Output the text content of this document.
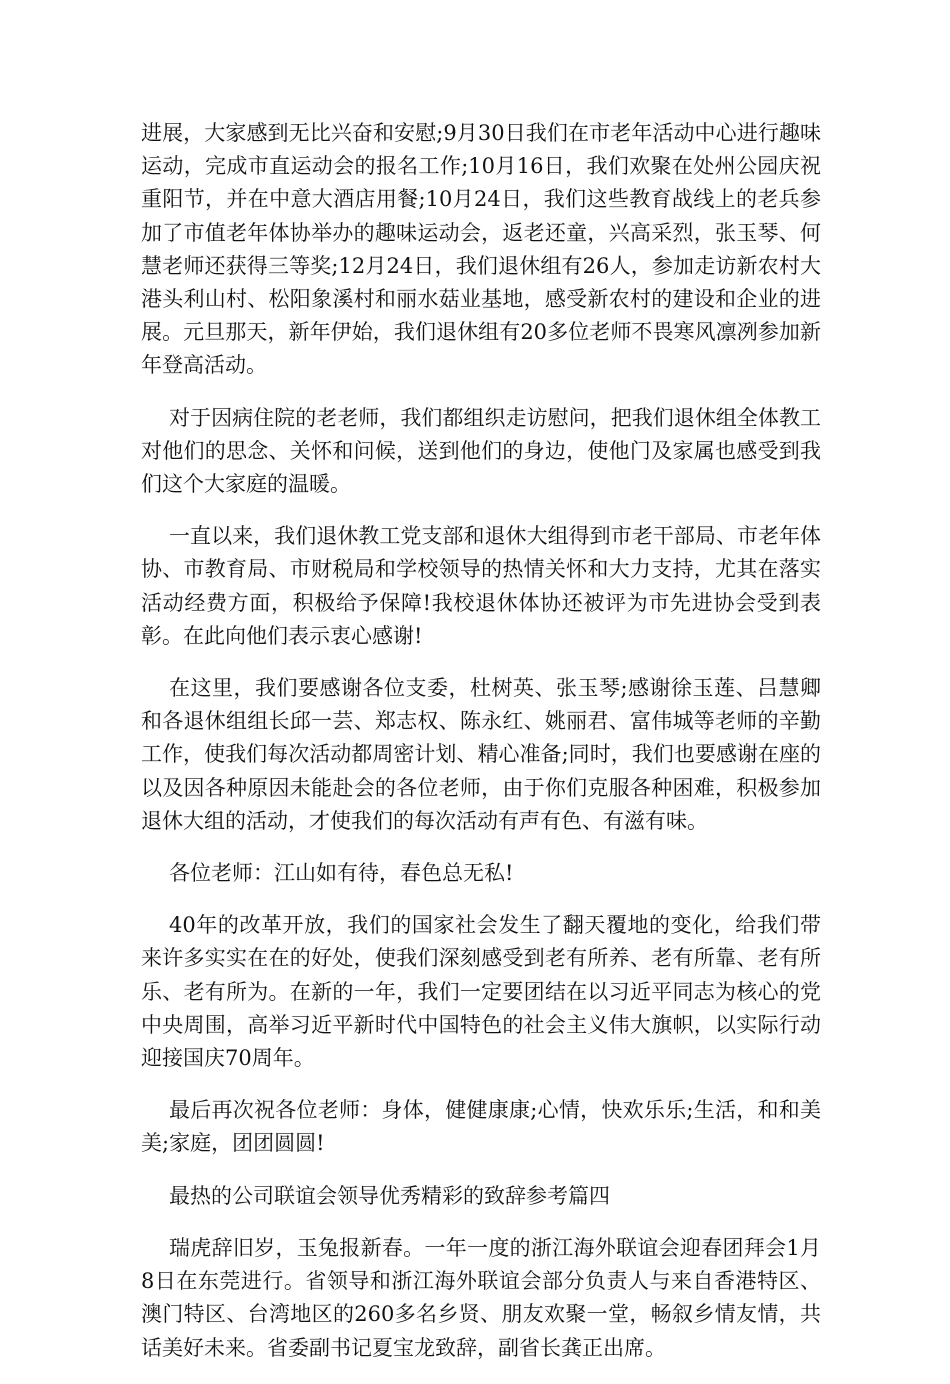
进展，大家感到无比兴奋和安慰;9月30日我们在市老年活动中心进行趣味运动，完成市直运动会的报名工作;10月16日，我们欢聚在处州公园庆祝重阳节，并在中意大酒店用餐;10月24日，我们这些教育战线上的老兵参加了市值老年体协举办的趣味运动会，返老还童，兴高采烈，张玉琴、何慧老师还获得三等奖;12月24日，我们退休组有26人，参加走访新农村大港头利山村、松阳象溪村和丽水菇业基地，感受新农村的建设和企业的进展。元旦那天，新年伊始，我们退休组有20多位老师不畏寒风凛冽参加新年登高活动。

对于因病住院的老老师，我们都组织走访慰问，把我们退休组全体教工对他们的思念、关怀和问候，送到他们的身边，使他门及家属也感受到我们这个大家庭的温暖。

一直以来，我们退休教工党支部和退休大组得到市老干部局、市老年体协、市教育局、市财税局和学校领导的热情关怀和大力支持，尤其在落实活动经费方面，积极给予保障!我校退休体协还被评为市先进协会受到表彰。在此向他们表示衷心感谢!

在这里，我们要感谢各位支委，杜树英、张玉琴;感谢徐玉莲、吕慧卿和各退休组组长邱一芸、郑志权、陈永红、姚丽君、富伟城等老师的辛勤工作，使我们每次活动都周密计划、精心准备;同时，我们也要感谢在座的以及因各种原因未能赴会的各位老师，由于你们克服各种困难，积极参加退休大组的活动，才使我们的每次活动有声有色、有滋有味。

各位老师：江山如有待，春色总无私!

40年的改革开放，我们的国家社会发生了翻天覆地的变化，给我们带来许多实实在在的好处，使我们深刻感受到老有所养、老有所靠、老有所乐、老有所为。在新的一年，我们一定要团结在以习近平同志为核心的党中央周围，高举习近平新时代中国特色的社会主义伟大旗帜，以实际行动迎接国庆70周年。

最后再次祝各位老师：身体，健健康康;心情，快欢乐乐;生活，和和美美;家庭，团团圆圆!

最热的公司联谊会领导优秀精彩的致辞参考篇四

瑞虎辞旧岁，玉兔报新春。一年一度的浙江海外联谊会迎春团拜会1月8日在东莞进行。省领导和浙江海外联谊会部分负责人与来自香港特区、澳门特区、台湾地区的260多名乡贤、朋友欢聚一堂，畅叙乡情友情，共话美好未来。省委副书记夏宝龙致辞，副省长龚正出席。
